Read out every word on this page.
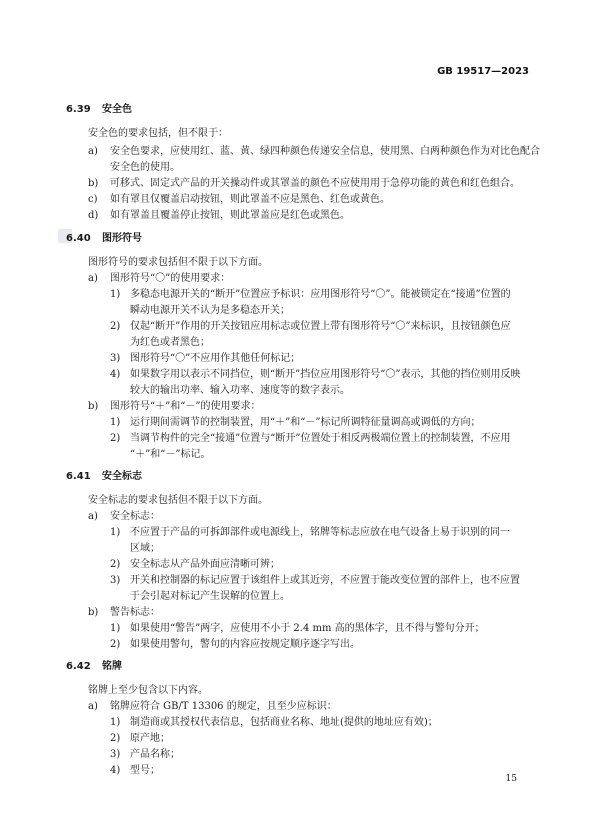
GB 19517—2023
6.39 安全色
安全色的要求包括，但不限于：
a) 安全色要求，应使用红、蓝、黄、绿四种颜色传递安全信息，使用黑、白两种颜色作为对比色配合
安全色的使用。
b) 可移式、固定式产品的开关操动件或其罩盖的颜色不应使用用于急停功能的黄色和红色组合。
c) 如有罩且仅覆盖启动按钮，则此罩盖不应是黑色、红色或黄色。
d) 如有罩盖且覆盖停止按钮，则此罩盖应是红色或黑色。
6.40 图形符号
图形符号的要求包括但不限于以下方面。
a) 图形符号“〇”的使用要求：
1) 多稳态电源开关的“断开”位置应予标识：应用图形符号“〇”。能被锁定在“接通”位置的
瞬动电源开关不认为是多稳态开关；
2) 仅起“断开”作用的开关按钮应用标志或位置上带有图形符号“〇”来标识，且按钮颜色应
为红色或者黑色；
3) 图形符号“〇”不应用作其他任何标记；
4) 如果数字用以表示不同挡位，则“断开”挡位应用图形符号“〇”表示，其他的挡位则用反映
较大的输出功率、输入功率、速度等的数字表示。
b) 图形符号“＋”和“－”的使用要求：
1) 运行期间需调节的控制装置，用“＋”和“－”标记所调特征量调高或调低的方向；
2) 当调节构件的完全“接通”位置与“断开”位置处于相反两极端位置上的控制装置，不应用
“＋”和“－”标记。
6.41 安全标志
安全标志的要求包括但不限于以下方面。
a) 安全标志：
1) 不应置于产品的可拆卸部件或电源线上，铭牌等标志应放在电气设备上易于识别的同一
区域；
2) 安全标志从产品外面应清晰可辨；
3) 开关和控制器的标记应置于该组件上或其近旁，不应置于能改变位置的部件上，也不应置
于会引起对标记产生误解的位置上。
b) 警告标志：
1) 如果使用“警告”两字，应使用不小于 2.4 mm 高的黑体字，且不得与警句分开；
2) 如果使用警句，警句的内容应按规定顺序逐字写出。
6.42 铭牌
铭牌上至少包含以下内容。
a) 铭牌应符合 GB/T 13306 的规定，且至少应标识：
1) 制造商或其授权代表信息，包括商业名称、地址(提供的地址应有效)；
2) 原产地；
3) 产品名称；
4) 型号；
15
